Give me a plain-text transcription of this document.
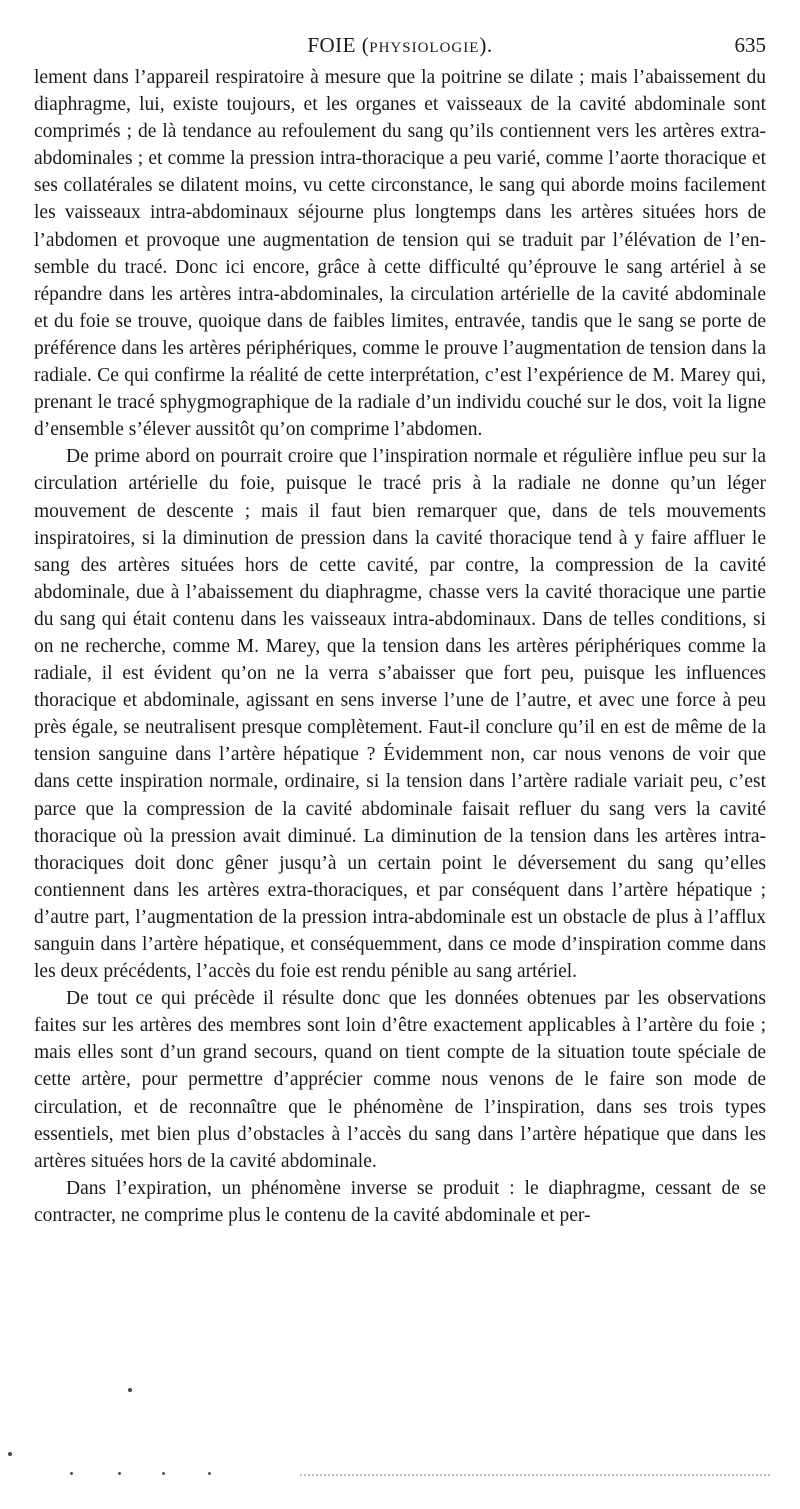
FOIE (PHYSIOLOGIE).	635

lement dans l’appareil respiratoire à mesure que la poitrine se dilate ; mais l’abaissement du diaphragme, lui, existe toujours, et les organes et vaisseaux de la cavité abdominale sont comprimés ; de là tendance au refoulement du sang qu’ils contiennent vers les artères extra-abdominales ; et comme la pression intra-thoracique a peu varié, comme l’aorte thoracique et ses collatérales se dilatent moins, vu cette circonstance, le sang qui aborde moins facilement les vaisseaux intra-abdominaux séjourne plus longtemps dans les artères situées hors de l’abdomen et provoque une augmentation de tension qui se traduit par l’élévation de l’ensemble du tracé. Donc ici encore, grâce à cette difficulté qu’éprouve le sang artériel à se répandre dans les artères intra-abdominales, la circulation artérielle de la cavité abdominale et du foie se trouve, quoique dans de faibles limites, entravée, tandis que le sang se porte de préférence dans les artères périphériques, comme le prouve l’augmentation de tension dans la radiale. Ce qui confirme la réalité de cette interprétation, c’est l’expérience de M. Marey qui, prenant le tracé sphygmographique de la radiale d’un individu couché sur le dos, voit la ligne d’ensemble s’élever aussitôt qu’on comprime l’abdomen.

De prime abord on pourrait croire que l’inspiration normale et régulière influe peu sur la circulation artérielle du foie, puisque le tracé pris à la radiale ne donne qu’un léger mouvement de descente ; mais il faut bien remarquer que, dans de tels mouvements inspiratoires, si la diminution de pression dans la cavité thoracique tend à y faire affluer le sang des artères situées hors de cette cavité, par contre, la compression de la cavité abdominale, due à l’abaissement du diaphragme, chasse vers la cavité thoracique une partie du sang qui était contenu dans les vaisseaux intra-abdominaux. Dans de telles conditions, si on ne recherche, comme M. Marey, que la tension dans les artères périphériques comme la radiale, il est évident qu’on ne la verra s’abaisser que fort peu, puisque les influences thoracique et abdominale, agissant en sens inverse l’une de l’autre, et avec une force à peu près égale, se neutralisent presque complètement. Faut-il conclure qu’il en est de même de la tension sanguine dans l’artère hépatique ? Évidemment non, car nous venons de voir que dans cette inspiration normale, ordinaire, si la tension dans l’artère radiale variait peu, c’est parce que la compression de la cavité abdominale faisait refluer du sang vers la cavité thoracique où la pression avait diminué. La diminution de la tension dans les artères intra-thoraciques doit donc gêner jusqu’à un certain point le déversement du sang qu’elles contiennent dans les artères extra-thoraciques, et par conséquent dans l’artère hépatique ; d’autre part, l’augmentation de la pression intra-abdominale est un obstacle de plus à l’afflux sanguin dans l’artère hépatique, et conséquemment, dans ce mode d’inspiration comme dans les deux précédents, l’accès du foie est rendu pénible au sang artériel.

De tout ce qui précède il résulte donc que les données obtenues par les observations faites sur les artères des membres sont loin d’être exactement applicables à l’artère du foie ; mais elles sont d’un grand secours, quand on tient compte de la situation toute spéciale de cette artère, pour permettre d’apprécier comme nous venons de le faire son mode de circulation, et de reconnaître que le phénomène de l’inspiration, dans ses trois types essentiels, met bien plus d’obstacles à l’accès du sang dans l’artère hépatique que dans les artères situées hors de la cavité abdominale.

Dans l’expiration, un phénomène inverse se produit : le diaphragme, cessant de se contracter, ne comprime plus le contenu de la cavité abdominale et per-
